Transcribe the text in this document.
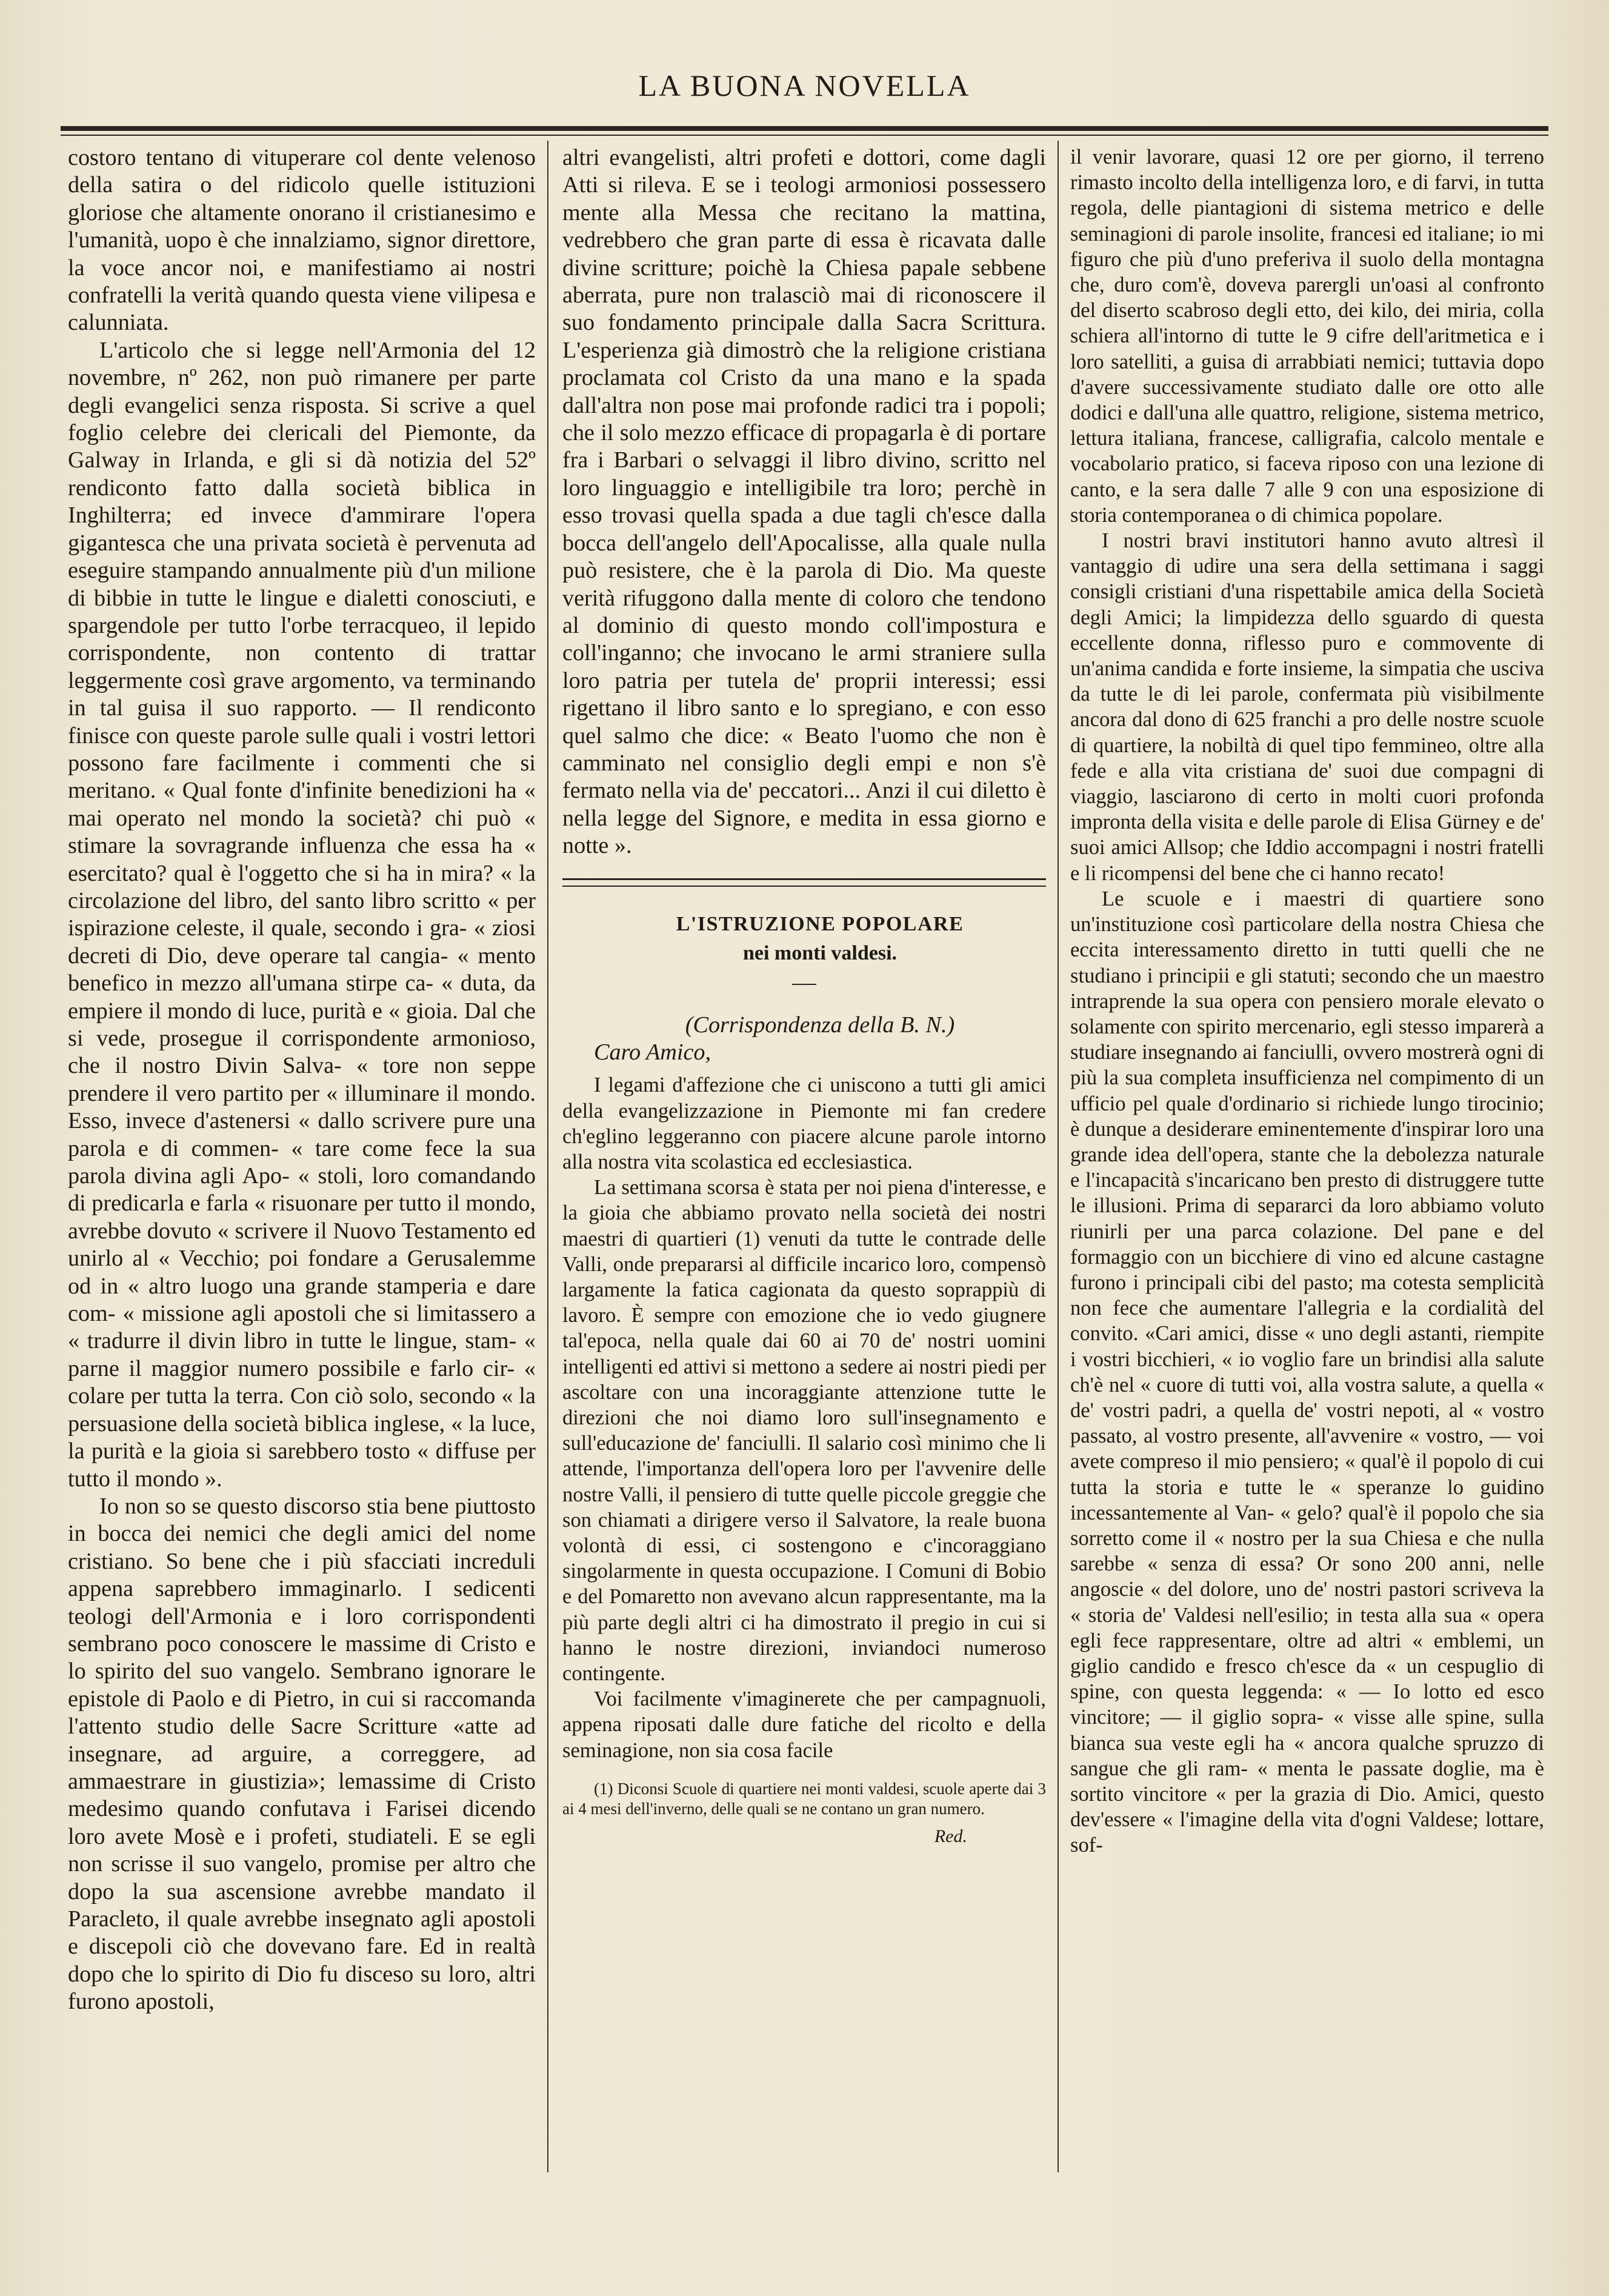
LA BUONA NOVELLA

costoro tentano di vituperare col dente velenoso della satira o del ridicolo quelle istituzioni gloriose che altamente onorano il cristianesimo e l'umanità, uopo è che innalziamo, signor direttore, la voce ancor noi, e manifestiamo ai nostri confratelli la verità quando questa viene vilipesa e calunniata.

L'articolo che si legge nell'Armonia del 12 novembre, nº 262, non può rimanere per parte degli evangelici senza risposta. Si scrive a quel foglio celebre dei clericali del Piemonte, da Galway in Irlanda, e gli si dà notizia del 52º rendiconto fatto dalla società biblica in Inghilterra; ed invece d'ammirare l'opera gigantesca che una privata società è pervenuta ad eseguire stampando annualmente più d'un milione di bibbie in tutte le lingue e dialetti conosciuti, e spargendole per tutto l'orbe terracqueo, il lepido corrispondente, non contento di trattar leggermente così grave argomento, va terminando in tal guisa il suo rapporto. — Il rendiconto finisce con queste parole sulle quali i vostri lettori possono fare facilmente i commenti che si meritano. « Qual fonte d'infinite benedizioni ha « mai operato nel mondo la società? chi può « stimare la sovragrande influenza che essa ha « esercitato? qual è l'oggetto che si ha in mira? « la circolazione del libro, del santo libro scritto « per ispirazione celeste, il quale, secondo i gra- « ziosi decreti di Dio, deve operare tal cangia- « mento benefico in mezzo all'umana stirpe ca- « duta, da empiere il mondo di luce, purità e « gioia. Dal che si vede, prosegue il corrispondente armonioso, che il nostro Divin Salva- « tore non seppe prendere il vero partito per « illuminare il mondo. Esso, invece d'astenersi « dallo scrivere pure una parola e di commen- « tare come fece la sua parola divina agli Apo- « stoli, loro comandando di predicarla e farla « risuonare per tutto il mondo, avrebbe dovuto « scrivere il Nuovo Testamento ed unirlo al « Vecchio; poi fondare a Gerusalemme od in « altro luogo una grande stamperia e dare com- « missione agli apostoli che si limitassero a « tradurre il divin libro in tutte le lingue, stam- « parne il maggior numero possibile e farlo cir- « colare per tutta la terra. Con ciò solo, secondo « la persuasione della società biblica inglese, « la luce, la purità e la gioia si sarebbero tosto « diffuse per tutto il mondo ».

Io non so se questo discorso stia bene piuttosto in bocca dei nemici che degli amici del nome cristiano. So bene che i più sfacciati increduli appena saprebbero immaginarlo. I sedicenti teologi dell'Armonia e i loro corrispondenti sembrano poco conoscere le massime di Cristo e lo spirito del suo vangelo. Sembrano ignorare le epistole di Paolo e di Pietro, in cui si raccomanda l'attento studio delle Sacre Scritture «atte ad insegnare, ad arguire, a correggere, ad ammaestrare in giustizia»; lemassime di Cristo medesimo quando confutava i Farisei dicendo loro avete Mosè e i profeti, studiateli. E se egli non scrisse il suo vangelo, promise per altro che dopo la sua ascensione avrebbe mandato il Paracleto, il quale avrebbe insegnato agli apostoli e discepoli ciò che dovevano fare. Ed in realtà dopo che lo spirito di Dio fu disceso su loro, altri furono apostoli,

altri evangelisti, altri profeti e dottori, come dagli Atti si rileva. E se i teologi armoniosi possessero mente alla Messa che recitano la mattina, vedrebbero che gran parte di essa è ricavata dalle divine scritture; poichè la Chiesa papale sebbene aberrata, pure non tralasciò mai di riconoscere il suo fondamento principale dalla Sacra Scrittura. L'esperienza già dimostrò che la religione cristiana proclamata col Cristo da una mano e la spada dall'altra non pose mai profonde radici tra i popoli; che il solo mezzo efficace di propagarla è di portare fra i Barbari o selvaggi il libro divino, scritto nel loro linguaggio e intelligibile tra loro; perchè in esso trovasi quella spada a due tagli ch'esce dalla bocca dell'angelo dell'Apocalisse, alla quale nulla può resistere, che è la parola di Dio. Ma queste verità rifuggono dalla mente di coloro che tendono al dominio di questo mondo coll'impostura e coll'inganno; che invocano le armi straniere sulla loro patria per tutela de' proprii interessi; essi rigettano il libro santo e lo spregiano, e con esso quel salmo che dice: « Beato l'uomo che non è camminato nel consiglio degli empi e non s'è fermato nella via de' peccatori... Anzi il cui diletto è nella legge del Signore, e medita in essa giorno e notte ».

L'ISTRUZIONE POPOLARE

nei monti valdesi.

(Corrispondenza della B. N.)

Caro Amico,

I legami d'affezione che ci uniscono a tutti gli amici della evangelizzazione in Piemonte mi fan credere ch'eglino leggeranno con piacere alcune parole intorno alla nostra vita scolastica ed ecclesiastica.

La settimana scorsa è stata per noi piena d'interesse, e la gioia che abbiamo provato nella società dei nostri maestri di quartieri (1) venuti da tutte le contrade delle Valli, onde prepararsi al difficile incarico loro, compensò largamente la fatica cagionata da questo soprappiù di lavoro. È sempre con emozione che io vedo giugnere tal'epoca, nella quale dai 60 ai 70 de' nostri uomini intelligenti ed attivi si mettono a sedere ai nostri piedi per ascoltare con una incoraggiante attenzione tutte le direzioni che noi diamo loro sull'insegnamento e sull'educazione de' fanciulli. Il salario così minimo che li attende, l'importanza dell'opera loro per l'avvenire delle nostre Valli, il pensiero di tutte quelle piccole greggie che son chiamati a dirigere verso il Salvatore, la reale buona volontà di essi, ci sostengono e c'incoraggiano singolarmente in questa occupazione. I Comuni di Bobio e del Pomaretto non avevano alcun rappresentante, ma la più parte degli altri ci ha dimostrato il pregio in cui si hanno le nostre direzioni, inviandoci numeroso contingente.

Voi facilmente v'imaginerete che per campagnuoli, appena riposati dalle dure fatiche del ricolto e della seminagione, non sia cosa facile

(1) Diconsi Scuole di quartiere nei monti valdesi, scuole aperte dai 3 ai 4 mesi dell'inverno, delle quali se ne contano un gran numero.

Red.

il venir lavorare, quasi 12 ore per giorno, il terreno rimasto incolto della intelligenza loro, e di farvi, in tutta regola, delle piantagioni di sistema metrico e delle seminagioni di parole insolite, francesi ed italiane; io mi figuro che più d'uno preferiva il suolo della montagna che, duro com'è, doveva parergli un'oasi al confronto del diserto scabroso degli etto, dei kilo, dei miria, colla schiera all'intorno di tutte le 9 cifre dell'aritmetica e i loro satelliti, a guisa di arrabbiati nemici; tuttavia dopo d'avere successivamente studiato dalle ore otto alle dodici e dall'una alle quattro, religione, sistema metrico, lettura italiana, francese, calligrafia, calcolo mentale e vocabolario pratico, si faceva riposo con una lezione di canto, e la sera dalle 7 alle 9 con una esposizione di storia contemporanea o di chimica popolare.

I nostri bravi institutori hanno avuto altresì il vantaggio di udire una sera della settimana i saggi consigli cristiani d'una rispettabile amica della Società degli Amici; la limpidezza dello sguardo di questa eccellente donna, riflesso puro e commovente di un'anima candida e forte insieme, la simpatia che usciva da tutte le di lei parole, confermata più visibilmente ancora dal dono di 625 franchi a pro delle nostre scuole di quartiere, la nobiltà di quel tipo femmineo, oltre alla fede e alla vita cristiana de' suoi due compagni di viaggio, lasciarono di certo in molti cuori profonda impronta della visita e delle parole di Elisa Gürney e de' suoi amici Allsop; che Iddio accompagni i nostri fratelli e li ricompensi del bene che ci hanno recato!

Le scuole e i maestri di quartiere sono un'instituzione così particolare della nostra Chiesa che eccita interessamento diretto in tutti quelli che ne studiano i principii e gli statuti; secondo che un maestro intraprende la sua opera con pensiero morale elevato o solamente con spirito mercenario, egli stesso imparerà a studiare insegnando ai fanciulli, ovvero mostrerà ogni di più la sua completa insufficienza nel compimento di un ufficio pel quale d'ordinario si richiede lungo tirocinio; è dunque a desiderare eminentemente d'inspirar loro una grande idea dell'opera, stante che la debolezza naturale e l'incapacità s'incaricano ben presto di distruggere tutte le illusioni. Prima di separarci da loro abbiamo voluto riunirli per una parca colazione. Del pane e del formaggio con un bicchiere di vino ed alcune castagne furono i principali cibi del pasto; ma cotesta semplicità non fece che aumentare l'allegria e la cordialità del convito. «Cari amici, disse « uno degli astanti, riempite i vostri bicchieri, « io voglio fare un brindisi alla salute ch'è nel « cuore di tutti voi, alla vostra salute, a quella « de' vostri padri, a quella de' vostri nepoti, al « vostro passato, al vostro presente, all'avvenire « vostro, — voi avete compreso il mio pensiero; « qual'è il popolo di cui tutta la storia e tutte le « speranze lo guidino incessantemente al Van- « gelo? qual'è il popolo che sia sorretto come il « nostro per la sua Chiesa e che nulla sarebbe « senza di essa? Or sono 200 anni, nelle angoscie « del dolore, uno de' nostri pastori scriveva la « storia de' Valdesi nell'esilio; in testa alla sua « opera egli fece rappresentare, oltre ad altri « emblemi, un giglio candido e fresco ch'esce da « un cespuglio di spine, con questa leggenda: « — Io lotto ed esco vincitore; — il giglio sopra- « visse alle spine, sulla bianca sua veste egli ha « ancora qualche spruzzo di sangue che gli ram- « menta le passate doglie, ma è sortito vincitore « per la grazia di Dio. Amici, questo dev'essere « l'imagine della vita d'ogni Valdese; lottare, sof-
